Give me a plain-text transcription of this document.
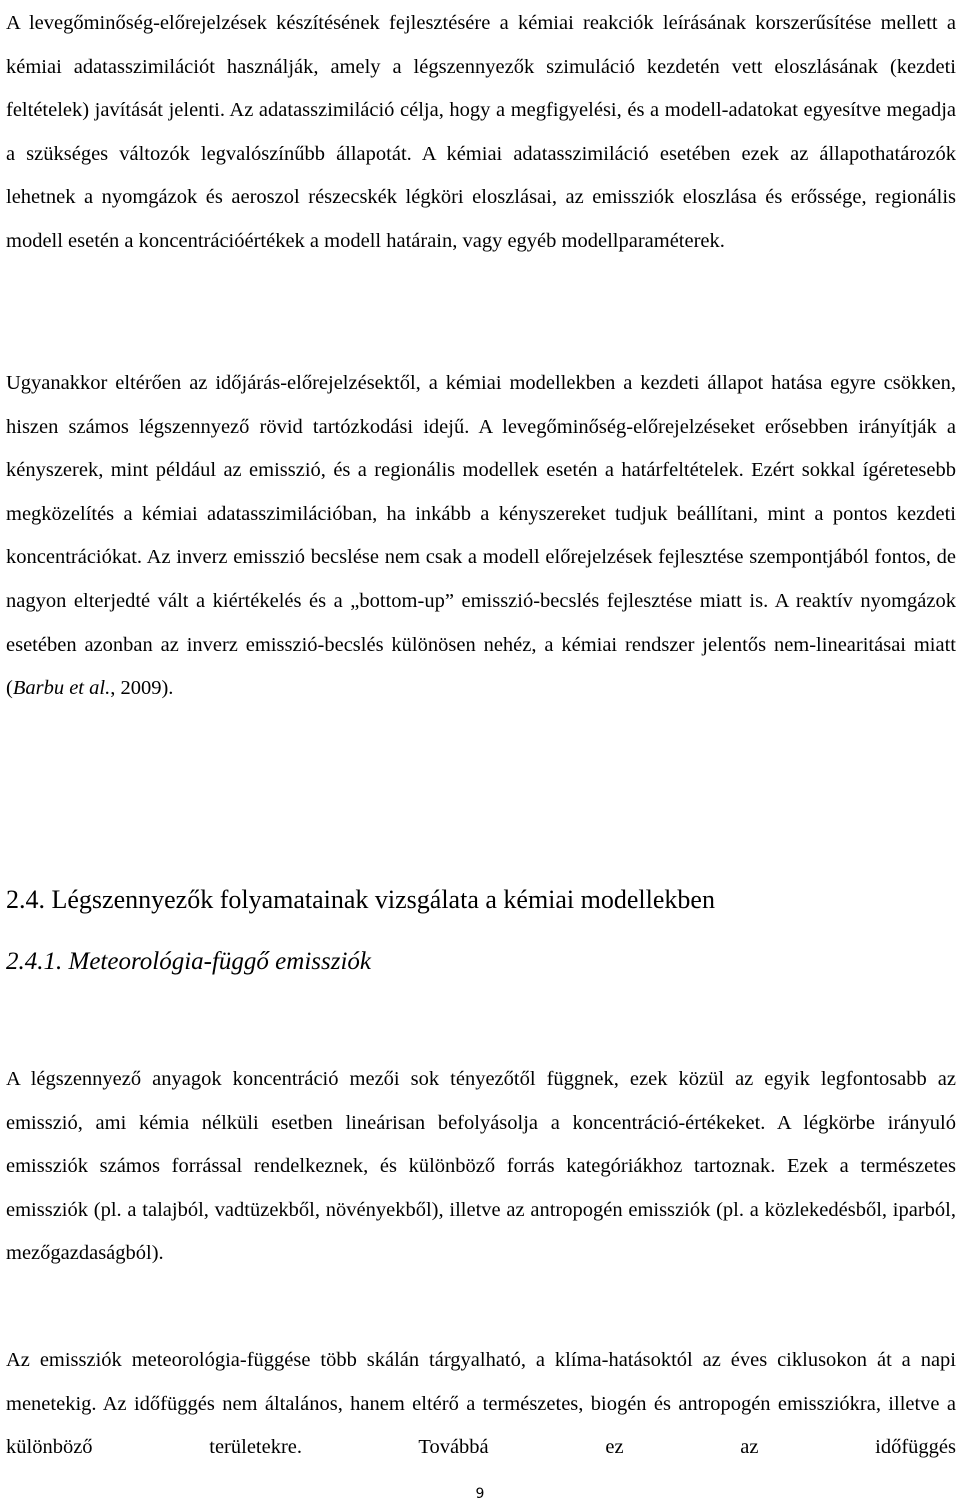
A levegőminőség-előrejelzések készítésének fejlesztésére a kémiai reakciók leírásának korszerűsítése mellett a kémiai adatasszimilációt használják, amely a légszennyezők szimuláció kezdetén vett eloszlásának (kezdeti feltételek) javítását jelenti. Az adatasszimiláció célja, hogy a megfigyelési, és a modell-adatokat egyesítve megadja a szükséges változók legvalószínűbb állapotát. A kémiai adatasszimiláció esetében ezek az állapothatározók lehetnek a nyomgázok és aeroszol részecskék légköri eloszlásai, az emissziók eloszlása és erőssége, regionális modell esetén a koncentrációértékek a modell határain, vagy egyéb modellparaméterek.

Ugyanakkor eltérően az időjárás-előrejelzésektől, a kémiai modellekben a kezdeti állapot hatása egyre csökken, hiszen számos légszennyező rövid tartózkodási idejű. A levegőminőség-előrejelzéseket erősebben irányítják a kényszerek, mint például az emisszió, és a regionális modellek esetén a határfeltételek. Ezért sokkal ígéretesebb megközelítés a kémiai adatasszimilációban, ha inkább a kényszereket tudjuk beállítani, mint a pontos kezdeti koncentrációkat. Az inverz emisszió becslése nem csak a modell előrejelzések fejlesztése szempontjából fontos, de nagyon elterjedté vált a kiértékelés és a „bottom-up” emisszió-becslés fejlesztése miatt is. A reaktív nyomgázok esetében azonban az inverz emisszió-becslés különösen nehéz, a kémiai rendszer jelentős nem-linearitásai miatt (Barbu et al., 2009).

2.4. Légszennyezők folyamatainak vizsgálata a kémiai modellekben
2.4.1. Meteorológia-függő emissziók

A légszennyező anyagok koncentráció mezői sok tényezőtől függnek, ezek közül az egyik legfontosabb az emisszió, ami kémia nélküli esetben lineárisan befolyásolja a koncentráció-értékeket. A légkörbe irányuló emissziók számos forrással rendelkeznek, és különböző forrás kategóriákhoz tartoznak. Ezek a természetes emissziók (pl. a talajból, vadtüzekből, növényekből), illetve az antropogén emissziók (pl. a közlekedésből, iparból, mezőgazdaságból).

Az emissziók meteorológia-függése több skálán tárgyalható, a klíma-hatásoktól az éves ciklusokon át a napi menetekig. Az időfüggés nem általános, hanem eltérő a természetes, biogén és antropogén emissziókra, illetve a különböző területekre. Továbbá ez az időfüggés

9
